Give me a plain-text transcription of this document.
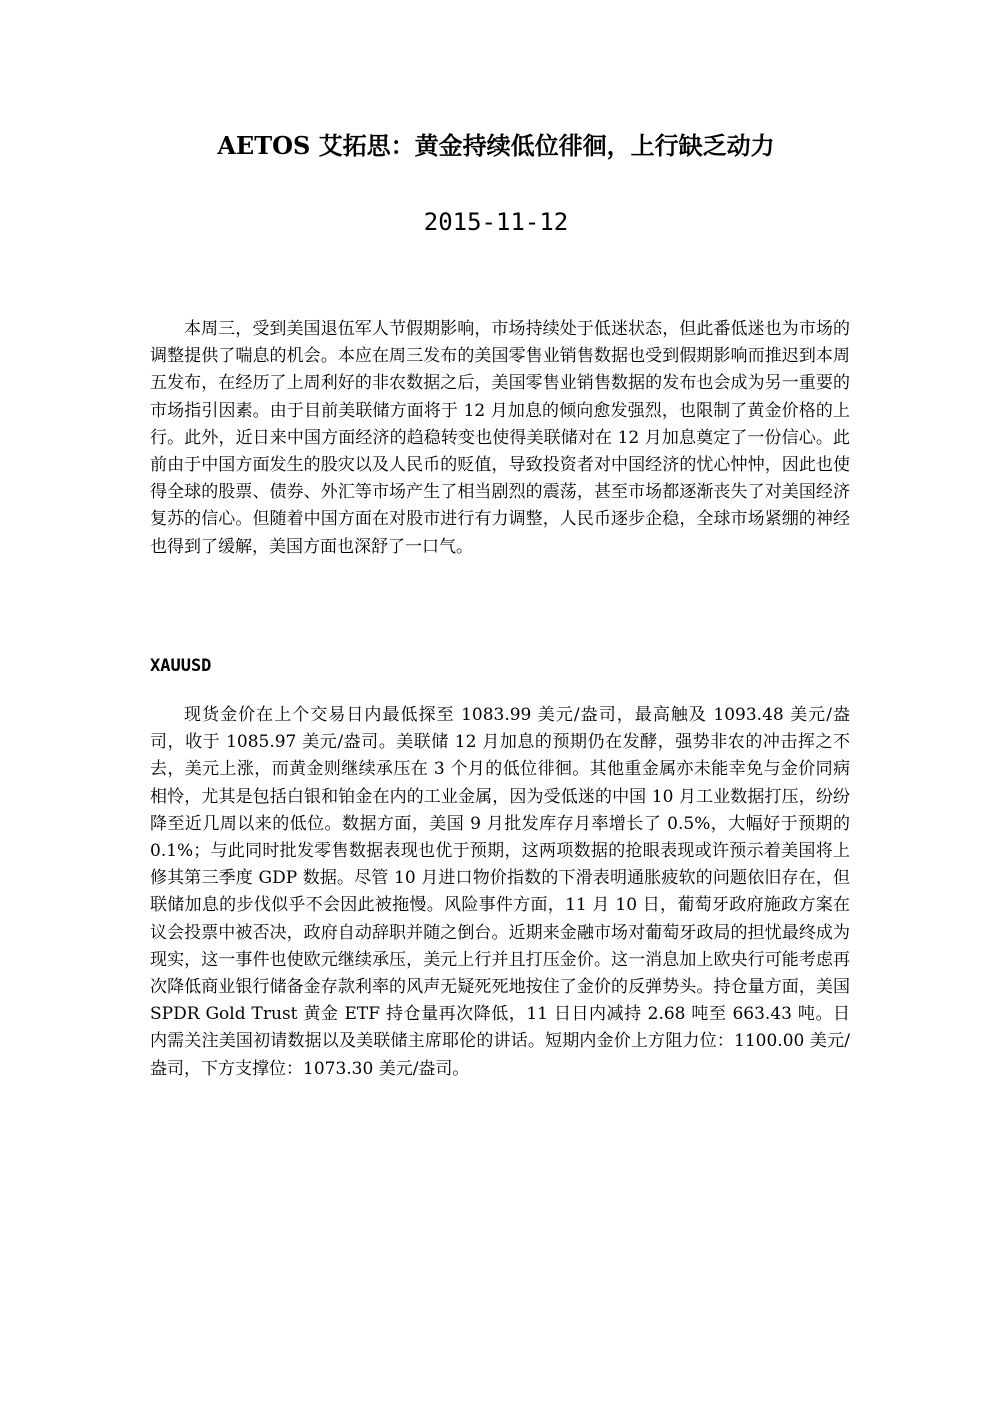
AETOS 艾拓思：黄金持续低位徘徊，上行缺乏动力
2015-11-12

本周三，受到美国退伍军人节假期影响，市场持续处于低迷状态，但此番低迷也为市场的调整提供了喘息的机会。本应在周三发布的美国零售业销售数据也受到假期影响而推迟到本周五发布，在经历了上周利好的非农数据之后，美国零售业销售数据的发布也会成为另一重要的市场指引因素。由于目前美联储方面将于 12 月加息的倾向愈发强烈，也限制了黄金价格的上行。此外，近日来中国方面经济的趋稳转变也使得美联储对在 12 月加息奠定了一份信心。此前由于中国方面发生的股灾以及人民币的贬值，导致投资者对中国经济的忧心忡忡，因此也使得全球的股票、债券、外汇等市场产生了相当剧烈的震荡，甚至市场都逐渐丧失了对美国经济复苏的信心。但随着中国方面在对股市进行有力调整，人民币逐步企稳，全球市场紧绷的神经也得到了缓解，美国方面也深舒了一口气。

XAUUSD

现货金价在上个交易日内最低探至 1083.99 美元/盎司，最高触及 1093.48 美元/盎司，收于 1085.97 美元/盎司。美联储 12 月加息的预期仍在发酵，强势非农的冲击挥之不去，美元上涨，而黄金则继续承压在 3 个月的低位徘徊。其他重金属亦未能幸免与金价同病相怜，尤其是包括白银和铂金在内的工业金属，因为受低迷的中国 10 月工业数据打压，纷纷降至近几周以来的低位。数据方面，美国 9 月批发库存月率增长了 0.5%，大幅好于预期的 0.1%；与此同时批发零售数据表现也优于预期，这两项数据的抢眼表现或许预示着美国将上修其第三季度 GDP 数据。尽管 10 月进口物价指数的下滑表明通胀疲软的问题依旧存在，但联储加息的步伐似乎不会因此被拖慢。风险事件方面，11 月 10 日，葡萄牙政府施政方案在议会投票中被否决，政府自动辞职并随之倒台。近期来金融市场对葡萄牙政局的担忧最终成为现实，这一事件也使欧元继续承压，美元上行并且打压金价。这一消息加上欧央行可能考虑再次降低商业银行储备金存款利率的风声无疑死死地按住了金价的反弹势头。持仓量方面，美国 SPDR Gold Trust 黄金 ETF 持仓量再次降低，11 日日内减持 2.68 吨至 663.43 吨。日内需关注美国初请数据以及美联储主席耶伦的讲话。短期内金价上方阻力位：1100.00 美元/盎司，下方支撑位：1073.30 美元/盎司。
